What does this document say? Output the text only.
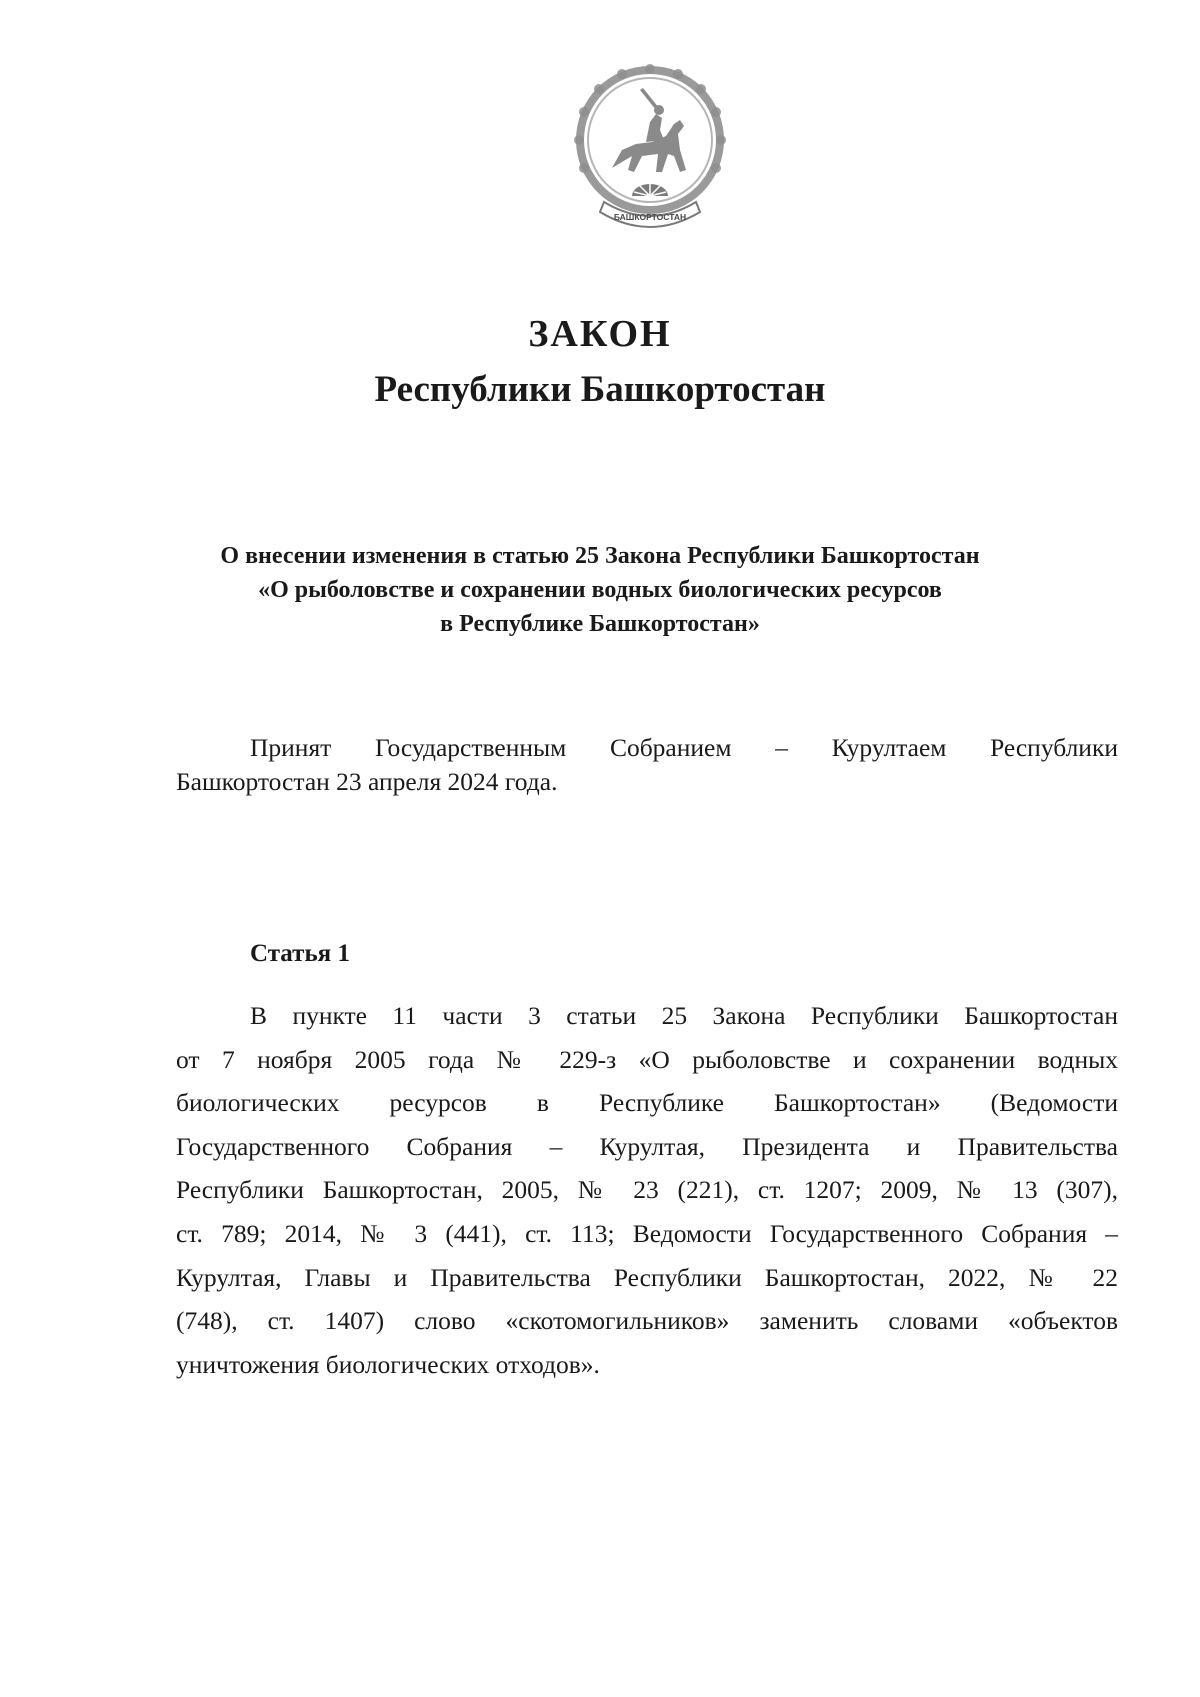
БАШКОРТОСТАН
ЗАКОН
Республики Башкортостан
О внесении изменения в статью 25 Закона Республики Башкортостан
«О рыболовстве и сохранении водных биологических ресурсов
в Республике Башкортостан»
Принят Государственным Собранием – Курултаем Республики
Башкортостан 23 апреля 2024 года.
Статья 1
В пункте 11 части 3 статьи 25 Закона Республики Башкортостан
от 7 ноября 2005 года № 229-з «О рыболовстве и сохранении водных
биологических ресурсов в Республике Башкортостан» (Ведомости
Государственного Собрания – Курултая, Президента и Правительства
Республики Башкортостан, 2005, № 23 (221), ст. 1207; 2009, № 13 (307),
ст. 789; 2014, № 3 (441), ст. 113; Ведомости Государственного Собрания –
Курултая, Главы и Правительства Республики Башкортостан, 2022, № 22
(748), ст. 1407) слово «скотомогильников» заменить словами «объектов
уничтожения биологических отходов».
